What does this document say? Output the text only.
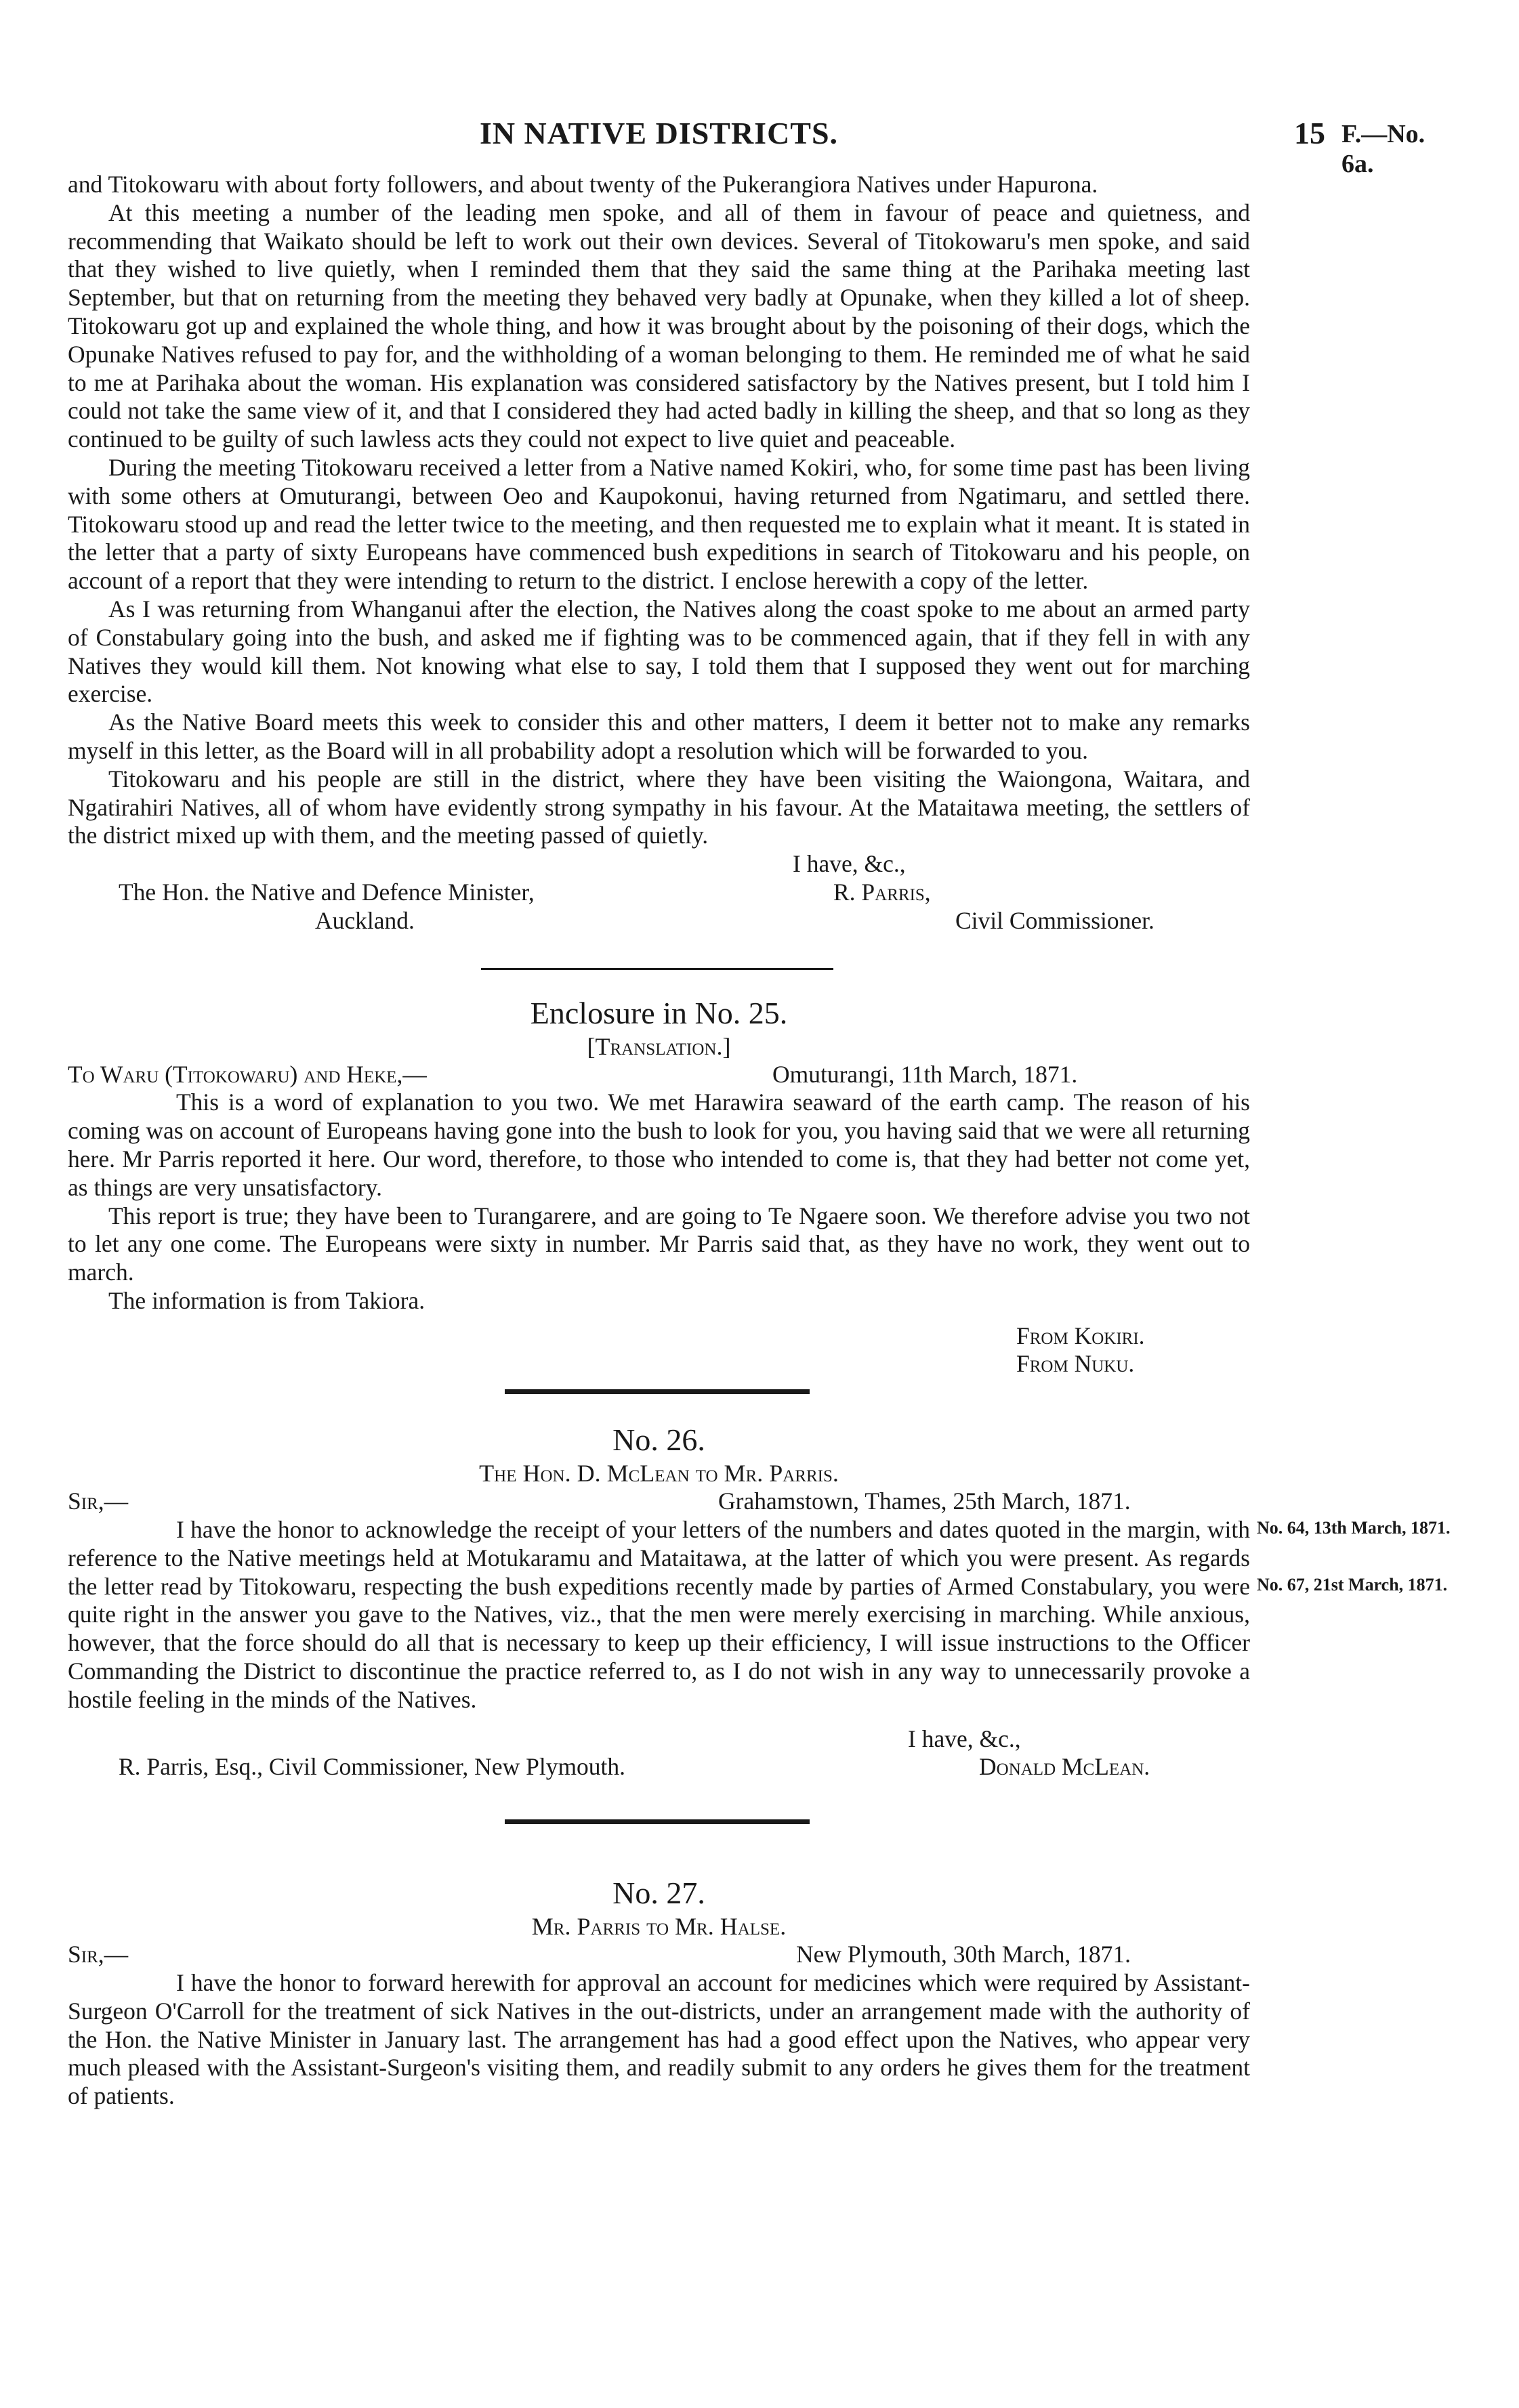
IN NATIVE DISTRICTS.	15 F.—No. 6a.

and Titokowaru with about forty followers, and about twenty of the Pukerangiora Natives under Hapurona.

At this meeting a number of the leading men spoke, and all of them in favour of peace and quietness, and recommending that Waikato should be left to work out their own devices. Several of Titokowaru's men spoke, and said that they wished to live quietly, when I reminded them that they said the same thing at the Parihaka meeting last September, but that on returning from the meeting they behaved very badly at Opunake, when they killed a lot of sheep. Titokowaru got up and explained the whole thing, and how it was brought about by the poisoning of their dogs, which the Opunake Natives refused to pay for, and the withholding of a woman belonging to them. He reminded me of what he said to me at Parihaka about the woman. His explanation was considered satisfactory by the Natives present, but I told him I could not take the same view of it, and that I considered they had acted badly in killing the sheep, and that so long as they continued to be guilty of such lawless acts they could not expect to live quiet and peaceable.

During the meeting Titokowaru received a letter from a Native named Kokiri, who, for some time past has been living with some others at Omuturangi, between Oeo and Kaupokonui, having returned from Ngatimaru, and settled there. Titokowaru stood up and read the letter twice to the meeting, and then requested me to explain what it meant. It is stated in the letter that a party of sixty Europeans have commenced bush expeditions in search of Titokowaru and his people, on account of a report that they were intending to return to the district. I enclose herewith a copy of the letter.

As I was returning from Whanganui after the election, the Natives along the coast spoke to me about an armed party of Constabulary going into the bush, and asked me if fighting was to be commenced again, that if they fell in with any Natives they would kill them. Not knowing what else to say, I told them that I supposed they went out for marching exercise.

As the Native Board meets this week to consider this and other matters, I deem it better not to make any remarks myself in this letter, as the Board will in all probability adopt a resolution which will be forwarded to you.

Titokowaru and his people are still in the district, where they have been visiting the Waiongona, Waitara, and Ngatirahiri Natives, all of whom have evidently strong sympathy in his favour. At the Mataitawa meeting, the settlers of the district mixed up with them, and the meeting passed of quietly.

I have, &c.,
The Hon. the Native and Defence Minister,	R. Parris,
Auckland.	Civil Commissioner.
Enclosure in No. 25.
[Translation.]
To Waru (Titokowaru) and Heke,—	Omuturangi, 11th March, 1871.

This is a word of explanation to you two. We met Harawira seaward of the earth camp. The reason of his coming was on account of Europeans having gone into the bush to look for you, you having said that we were all returning here. Mr Parris reported it here. Our word, therefore, to those who intended to come is, that they had better not come yet, as things are very unsatisfactory.

This report is true; they have been to Turangarere, and are going to Te Ngaere soon. We therefore advise you two not to let any one come. The Europeans were sixty in number. Mr Parris said that, as they have no work, they went out to march.

The information is from Takiora.

From Kokiri.
From Nuku.
No. 26.
The Hon. D. McLean to Mr. Parris.
Sir,—	Grahamstown, Thames, 25th March, 1871.

I have the honor to acknowledge the receipt of your letters of the numbers and dates quoted in the margin, with reference to the Native meetings held at Motukaramu and Mataitawa, at the latter of which you were present. As regards the letter read by Titokowaru, respecting the bush expeditions recently made by parties of Armed Constabulary, you were quite right in the answer you gave to the Natives, viz., that the men were merely exercising in marching. While anxious, however, that the force should do all that is necessary to keep up their efficiency, I will issue instructions to the Officer Commanding the District to discontinue the practice referred to, as I do not wish in any way to unnecessarily provoke a hostile feeling in the minds of the Natives.

No. 64, 13th March, 1871.
No. 67, 21st March, 1871.
I have, &c.,
R. Parris, Esq., Civil Commissioner, New Plymouth.	Donald McLean.
No. 27.
Mr. Parris to Mr. Halse.
Sir,—	New Plymouth, 30th March, 1871.

I have the honor to forward herewith for approval an account for medicines which were required by Assistant-Surgeon O'Carroll for the treatment of sick Natives in the out-districts, under an arrangement made with the authority of the Hon. the Native Minister in January last. The arrangement has had a good effect upon the Natives, who appear very much pleased with the Assistant-Surgeon's visiting them, and readily submit to any orders he gives them for the treatment of patients.
